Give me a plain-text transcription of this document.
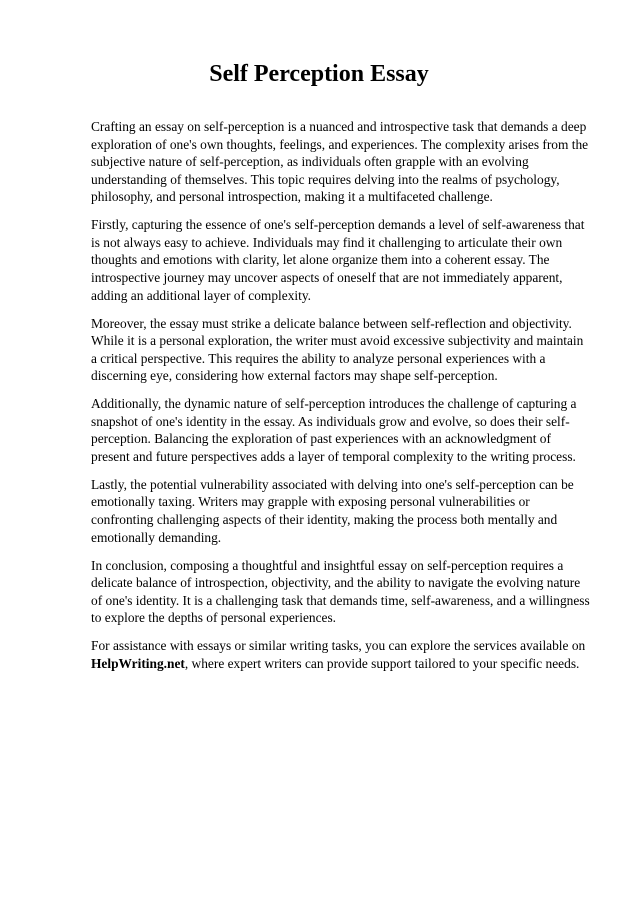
Self Perception Essay

Crafting an essay on self-perception is a nuanced and introspective task that demands a deep exploration of one's own thoughts, feelings, and experiences. The complexity arises from the subjective nature of self-perception, as individuals often grapple with an evolving understanding of themselves. This topic requires delving into the realms of psychology, philosophy, and personal introspection, making it a multifaceted challenge.

Firstly, capturing the essence of one's self-perception demands a level of self-awareness that is not always easy to achieve. Individuals may find it challenging to articulate their own thoughts and emotions with clarity, let alone organize them into a coherent essay. The introspective journey may uncover aspects of oneself that are not immediately apparent, adding an additional layer of complexity.

Moreover, the essay must strike a delicate balance between self-reflection and objectivity. While it is a personal exploration, the writer must avoid excessive subjectivity and maintain a critical perspective. This requires the ability to analyze personal experiences with a discerning eye, considering how external factors may shape self-perception.

Additionally, the dynamic nature of self-perception introduces the challenge of capturing a snapshot of one's identity in the essay. As individuals grow and evolve, so does their self-perception. Balancing the exploration of past experiences with an acknowledgment of present and future perspectives adds a layer of temporal complexity to the writing process.

Lastly, the potential vulnerability associated with delving into one's self-perception can be emotionally taxing. Writers may grapple with exposing personal vulnerabilities or confronting challenging aspects of their identity, making the process both mentally and emotionally demanding.

In conclusion, composing a thoughtful and insightful essay on self-perception requires a delicate balance of introspection, objectivity, and the ability to navigate the evolving nature of one's identity. It is a challenging task that demands time, self-awareness, and a willingness to explore the depths of personal experiences.

For assistance with essays or similar writing tasks, you can explore the services available on HelpWriting.net, where expert writers can provide support tailored to your specific needs.
